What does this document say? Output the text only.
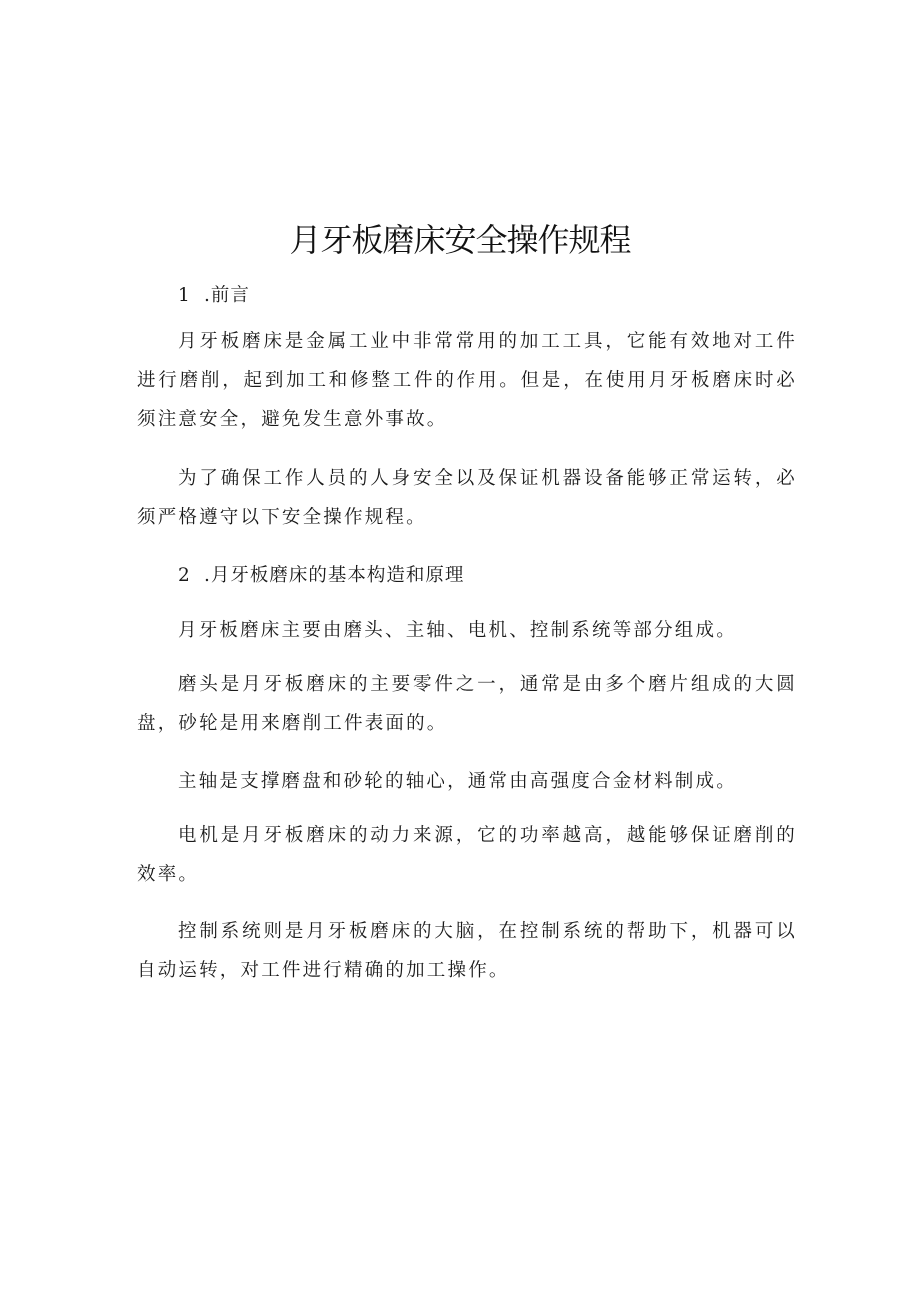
月牙板磨床安全操作规程

1 .前言

月牙板磨床是金属工业中非常常用的加工工具，它能有效地对工件进行磨削，起到加工和修整工件的作用。但是，在使用月牙板磨床时必须注意安全，避免发生意外事故。

为了确保工作人员的人身安全以及保证机器设备能够正常运转，必须严格遵守以下安全操作规程。

2 .月牙板磨床的基本构造和原理

月牙板磨床主要由磨头、主轴、电机、控制系统等部分组成。

磨头是月牙板磨床的主要零件之一，通常是由多个磨片组成的大圆盘，砂轮是用来磨削工件表面的。

主轴是支撑磨盘和砂轮的轴心，通常由高强度合金材料制成。

电机是月牙板磨床的动力来源，它的功率越高，越能够保证磨削的效率。

控制系统则是月牙板磨床的大脑，在控制系统的帮助下，机器可以自动运转，对工件进行精确的加工操作。
